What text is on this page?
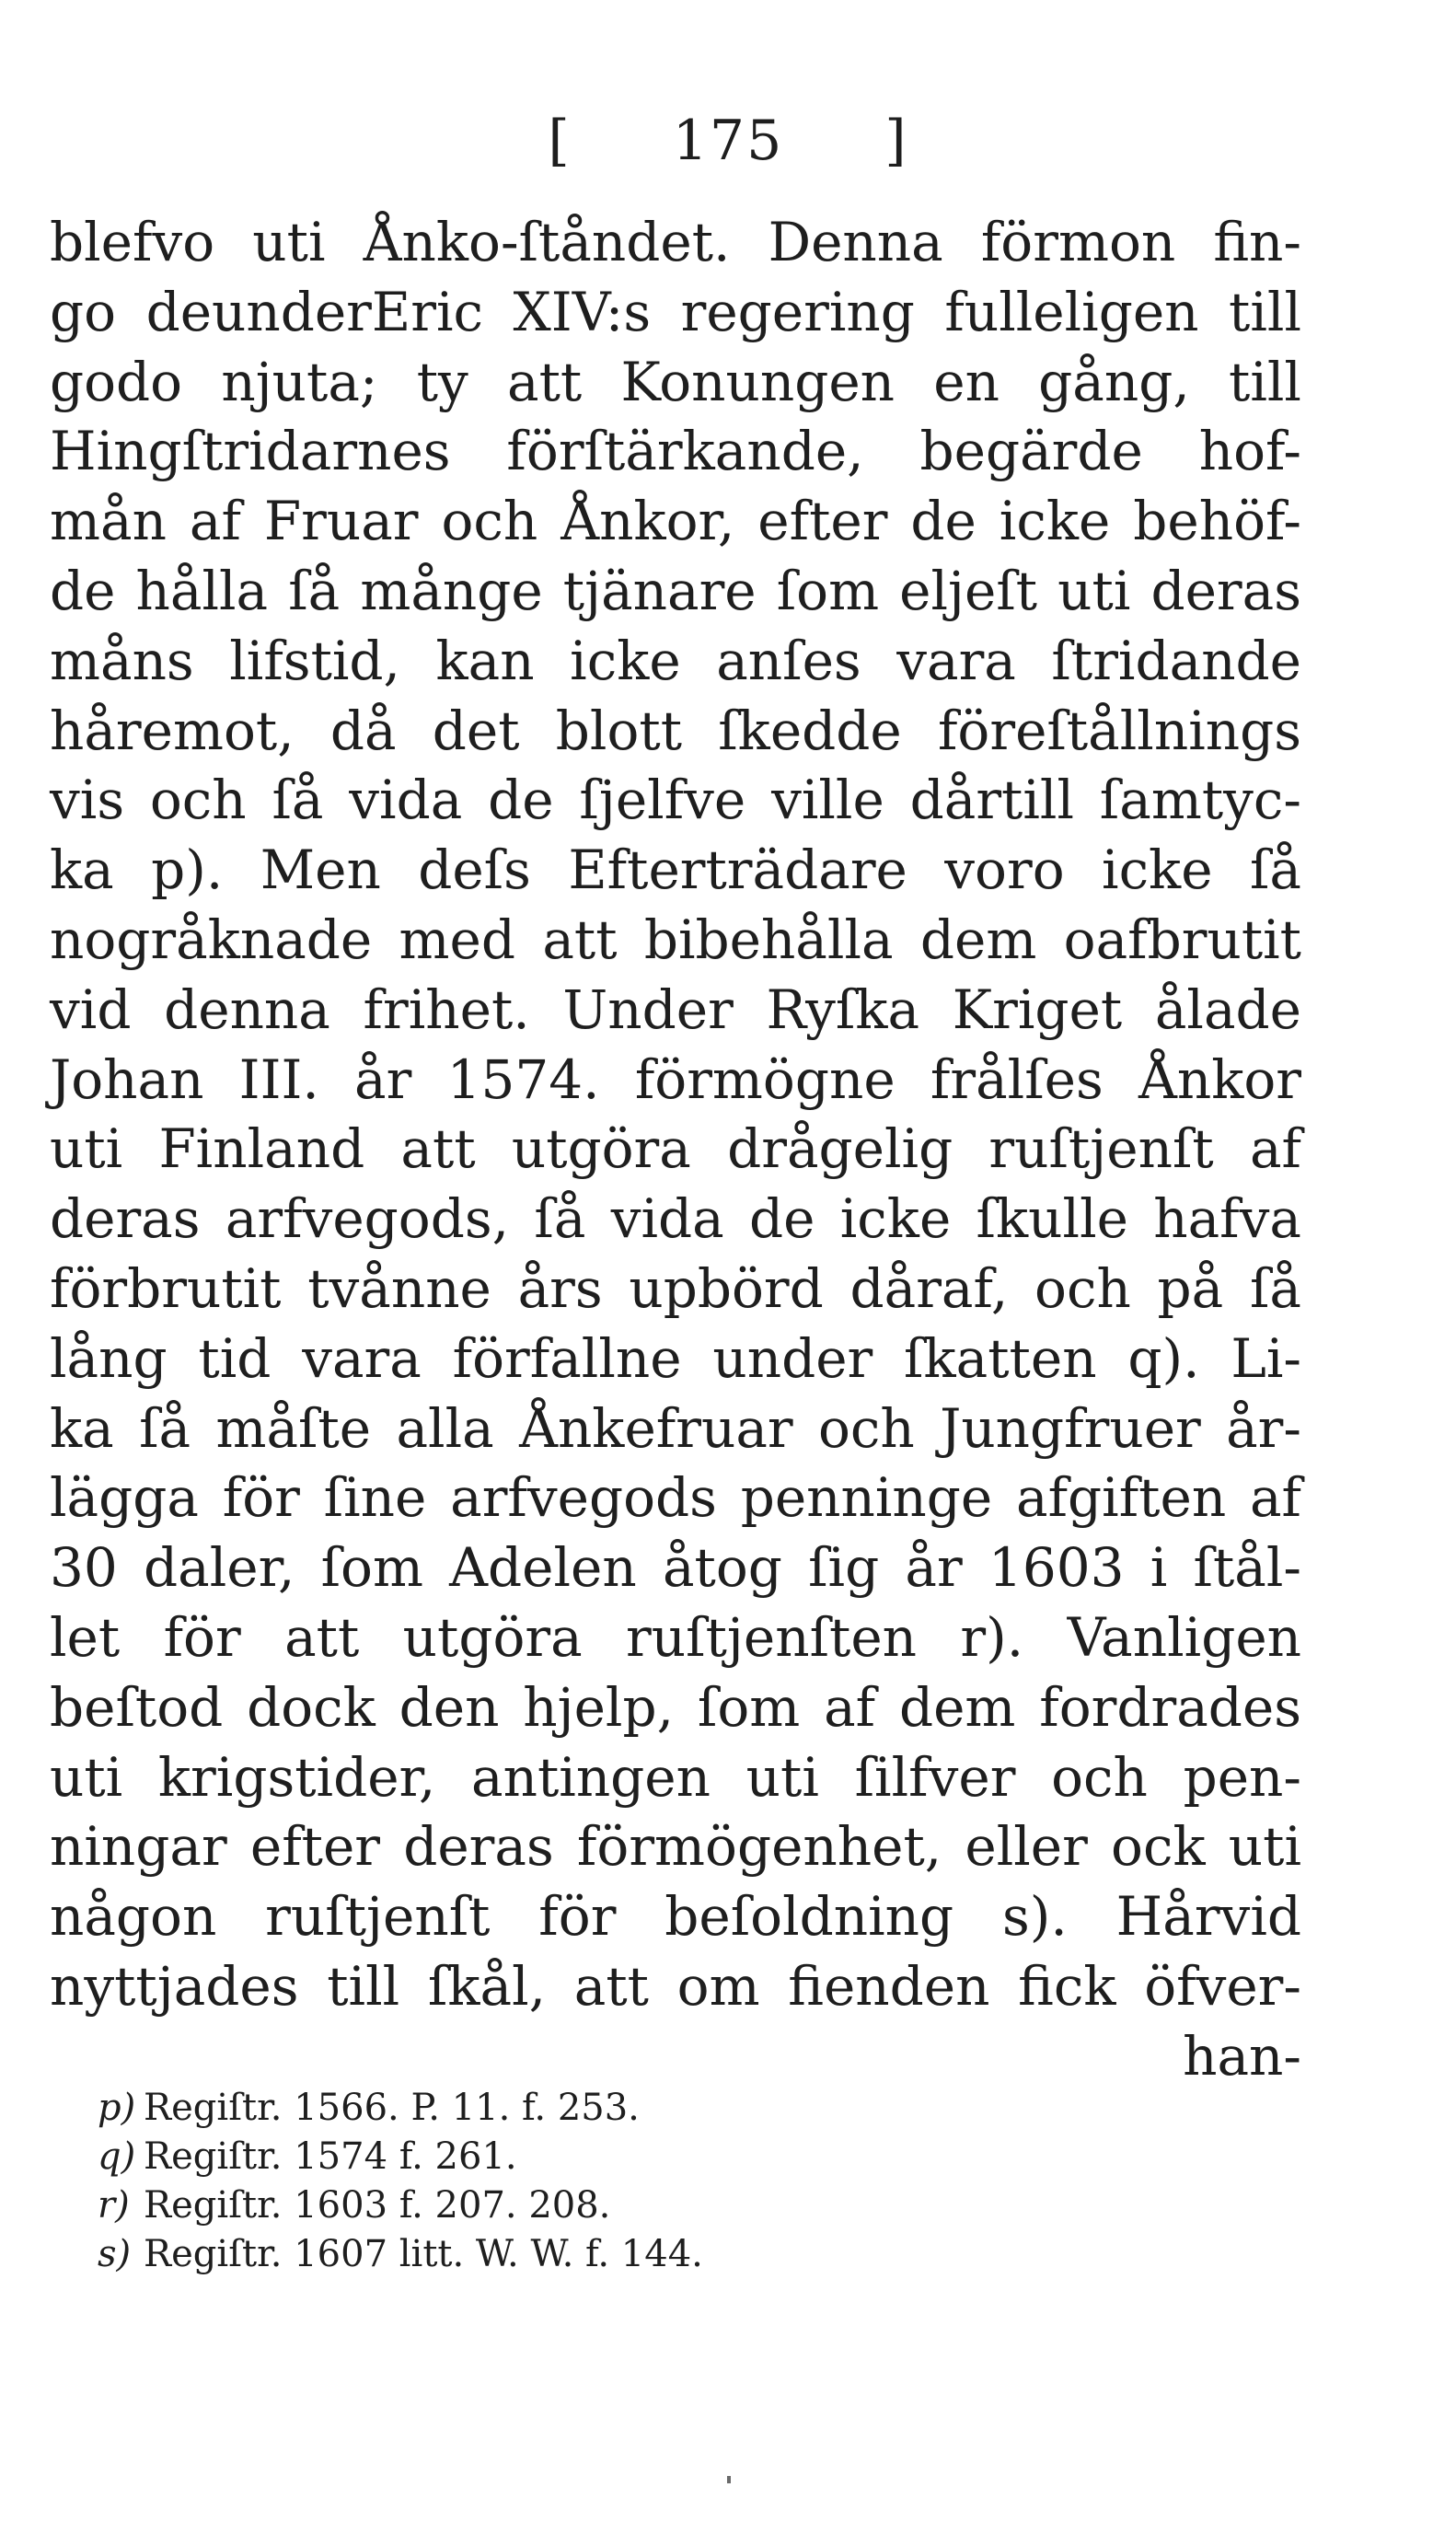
[ 175 ]
blefvo uti Ånko-ſtåndet. Denna förmon fin-
go deunderEric XIV:s regering fulleligen till
godo njuta; ty att Konungen en gång, till
Hingſtridarnes förſtärkande, begärde hof-
mån af Fruar och Ånkor, efter de icke behöf-
de hålla ſå månge tjänare ſom eljeſt uti deras
måns lifstid, kan icke anſes vara ſtridande
håremot, då det blott ſkedde föreſtållnings
vis och ſå vida de ſjelfve ville dårtill ſamtyc-
ka p). Men deſs Efterträdare voro icke ſå
nogråknade med att bibehålla dem oafbrutit
vid denna frihet. Under Ryſka Kriget ålade
Johan III. år 1574. förmögne frålſes Ånkor
uti Finland att utgöra drågelig ruſtjenſt af
deras arfvegods, ſå vida de icke ſkulle hafva
förbrutit tvånne års upbörd dåraf, och på ſå
lång tid vara förfallne under ſkatten q). Li-
ka ſå måſte alla Ånkefruar och Jungfruer år-
lägga för ſine arfvegods penninge afgiften af
30 daler, ſom Adelen åtog ſig år 1603 i ſtål-
let för att utgöra ruſtjenſten r). Vanligen
beſtod dock den hjelp, ſom af dem fordrades
uti krigstider, antingen uti ſilfver och pen-
ningar efter deras förmögenhet, eller ock uti
någon ruſtjenſt för beſoldning s). Hårvid
nyttjades till ſkål, att om fienden fick öfver-
han-
p) Regiſtr. 1566. P. 11. f. 253.
q) Regiſtr. 1574 f. 261.
r) Regiſtr. 1603 f. 207. 208.
s) Regiſtr. 1607 litt. W. W. f. 144.
